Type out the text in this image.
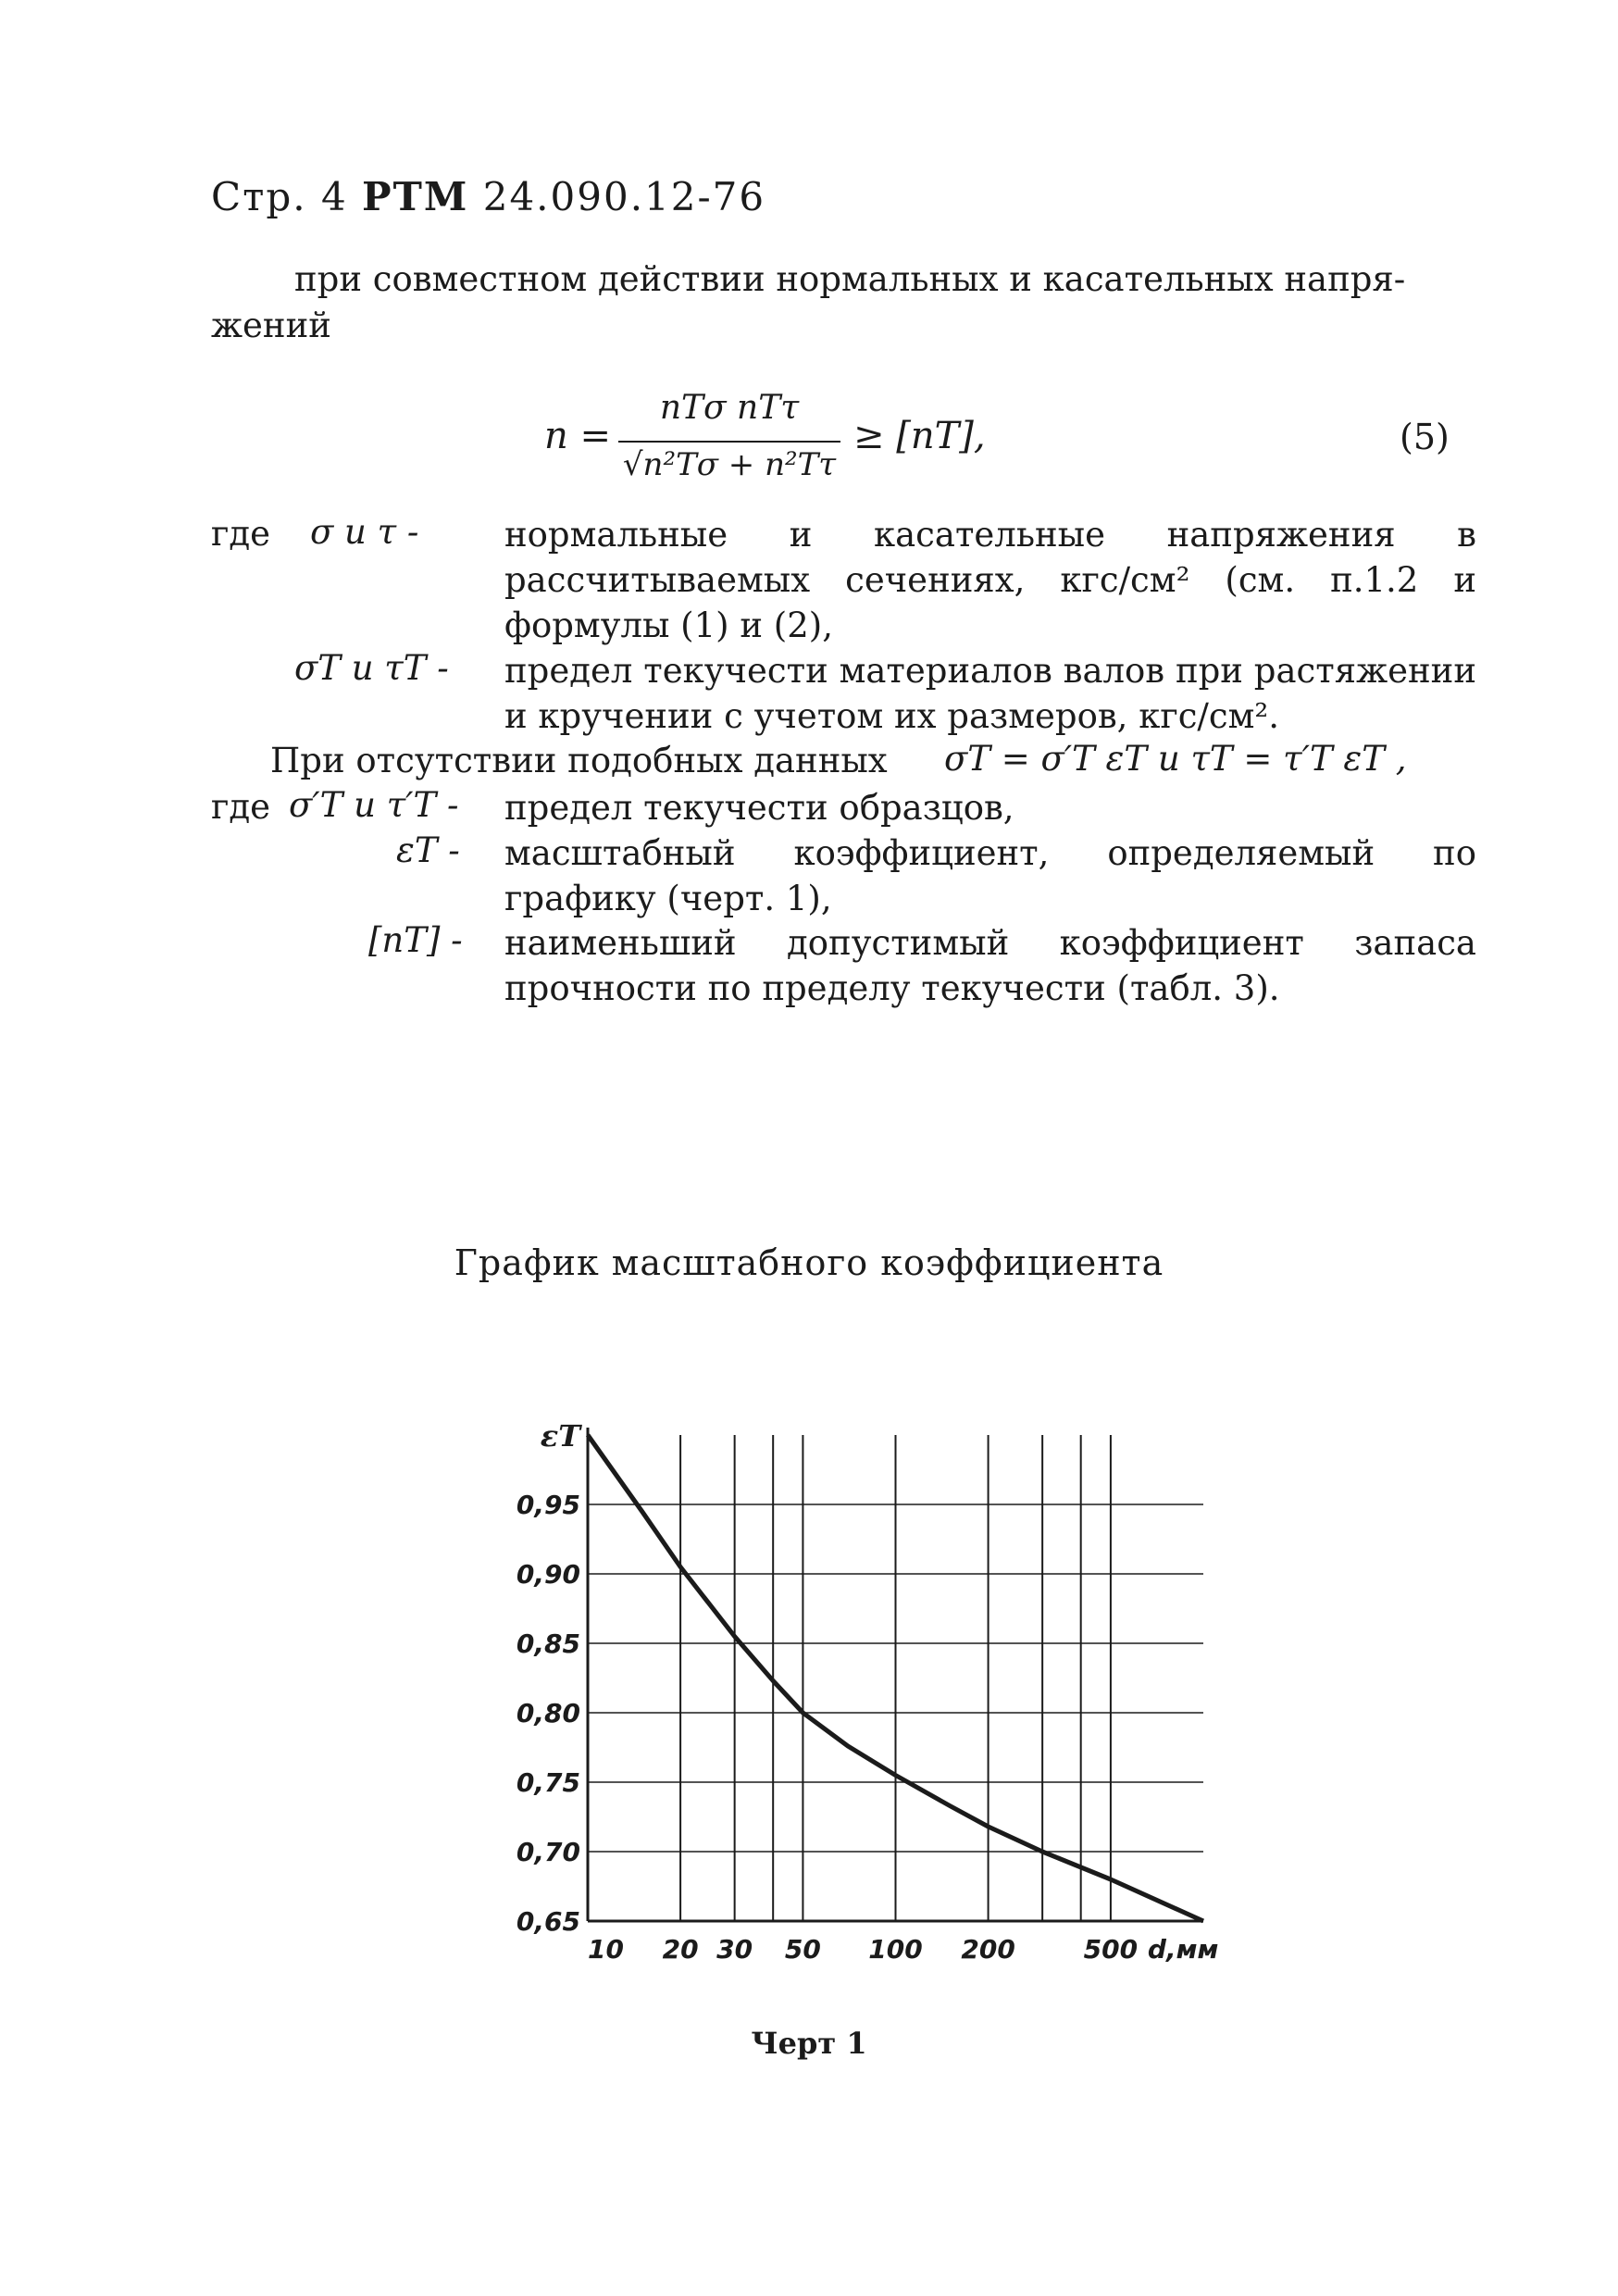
Стр. 4 РТМ 24.090.12-76
при совместном действии нормальных и касательных напря-
жений
n =
nTσ nTτ
√n²Tσ + n²Tτ
≥ [nT],	(5)
где σ и τ -	нормальные и касательные напряжения в рассчитываемых сечениях, кгс/см² (см. п.1.2 и формулы (1) и (2),
σT и τT - предел текучести материалов валов при растяжении и кручении с учетом их размеров, кгс/см².
При отсутствии подобных данных σT = σ′T εT и τT = τ′T εT ,
где σ′T и τ′T - предел текучести образцов,
εT - масштабный коэффициент, определяемый по графику (черт. 1),
[nT] - наименьший допустимый коэффициент запаса прочности по пределу текучести (табл. 3).
График масштабного коэффициента
0,65
0,70
0,75
0,80
0,85
0,90
0,95
10 20 30 50 100 200	500 d,мм
εT
Черт 1
